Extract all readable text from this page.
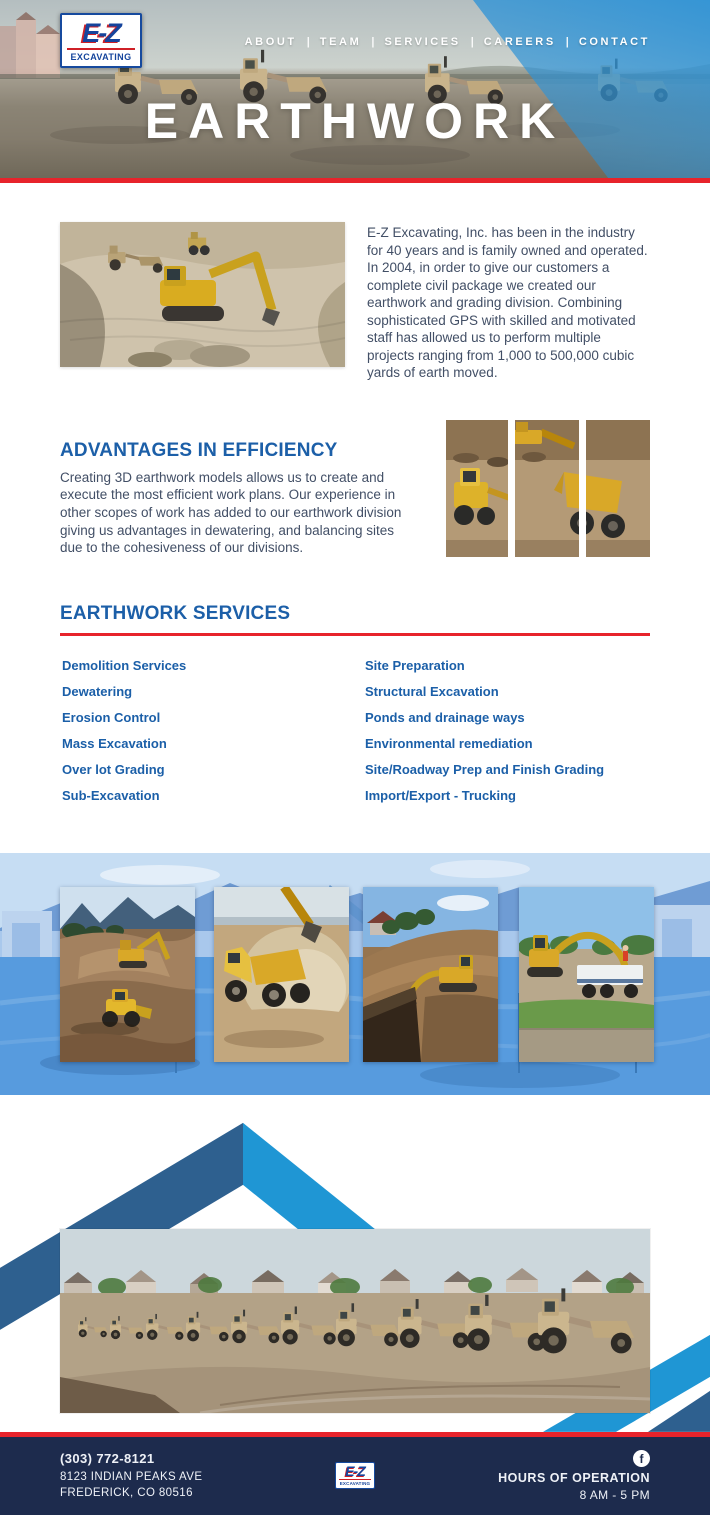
E-Z
EXCAVATING
ABOUT | TEAM | SERVICES | CAREERS | CONTACT
EARTHWORK

E-Z Excavating, Inc. has been in the industry for 40 years and is family owned and operated. In 2004, in order to give our customers a complete civil package we created our earthwork and grading division. Combining sophisticated GPS with skilled and motivated staff has allowed us to perform multiple projects ranging from 1,000 to 500,000 cubic yards of earth moved.

ADVANTAGES IN EFFICIENCY

Creating 3D earthwork models allows us to create and execute the most efficient work plans. Our experience in other scopes of work has added to our earthwork division giving us advantages in dewatering, and balancing sites due to the cohesiveness of our divisions.

EARTHWORK SERVICES
Demolition Services
Dewatering
Erosion Control
Mass Excavation
Over lot Grading
Sub-Excavation
Site Preparation
Structural Excavation
Ponds and drainage ways
Environmental remediation
Site/Roadway Prep and Finish Grading
Import/Export - Trucking
(303) 772-8121
8123 INDIAN PEAKS AVE
FREDERICK, CO 80516
E-Z
EXCAVATING
f
HOURS OF OPERATION
8 AM - 5 PM
